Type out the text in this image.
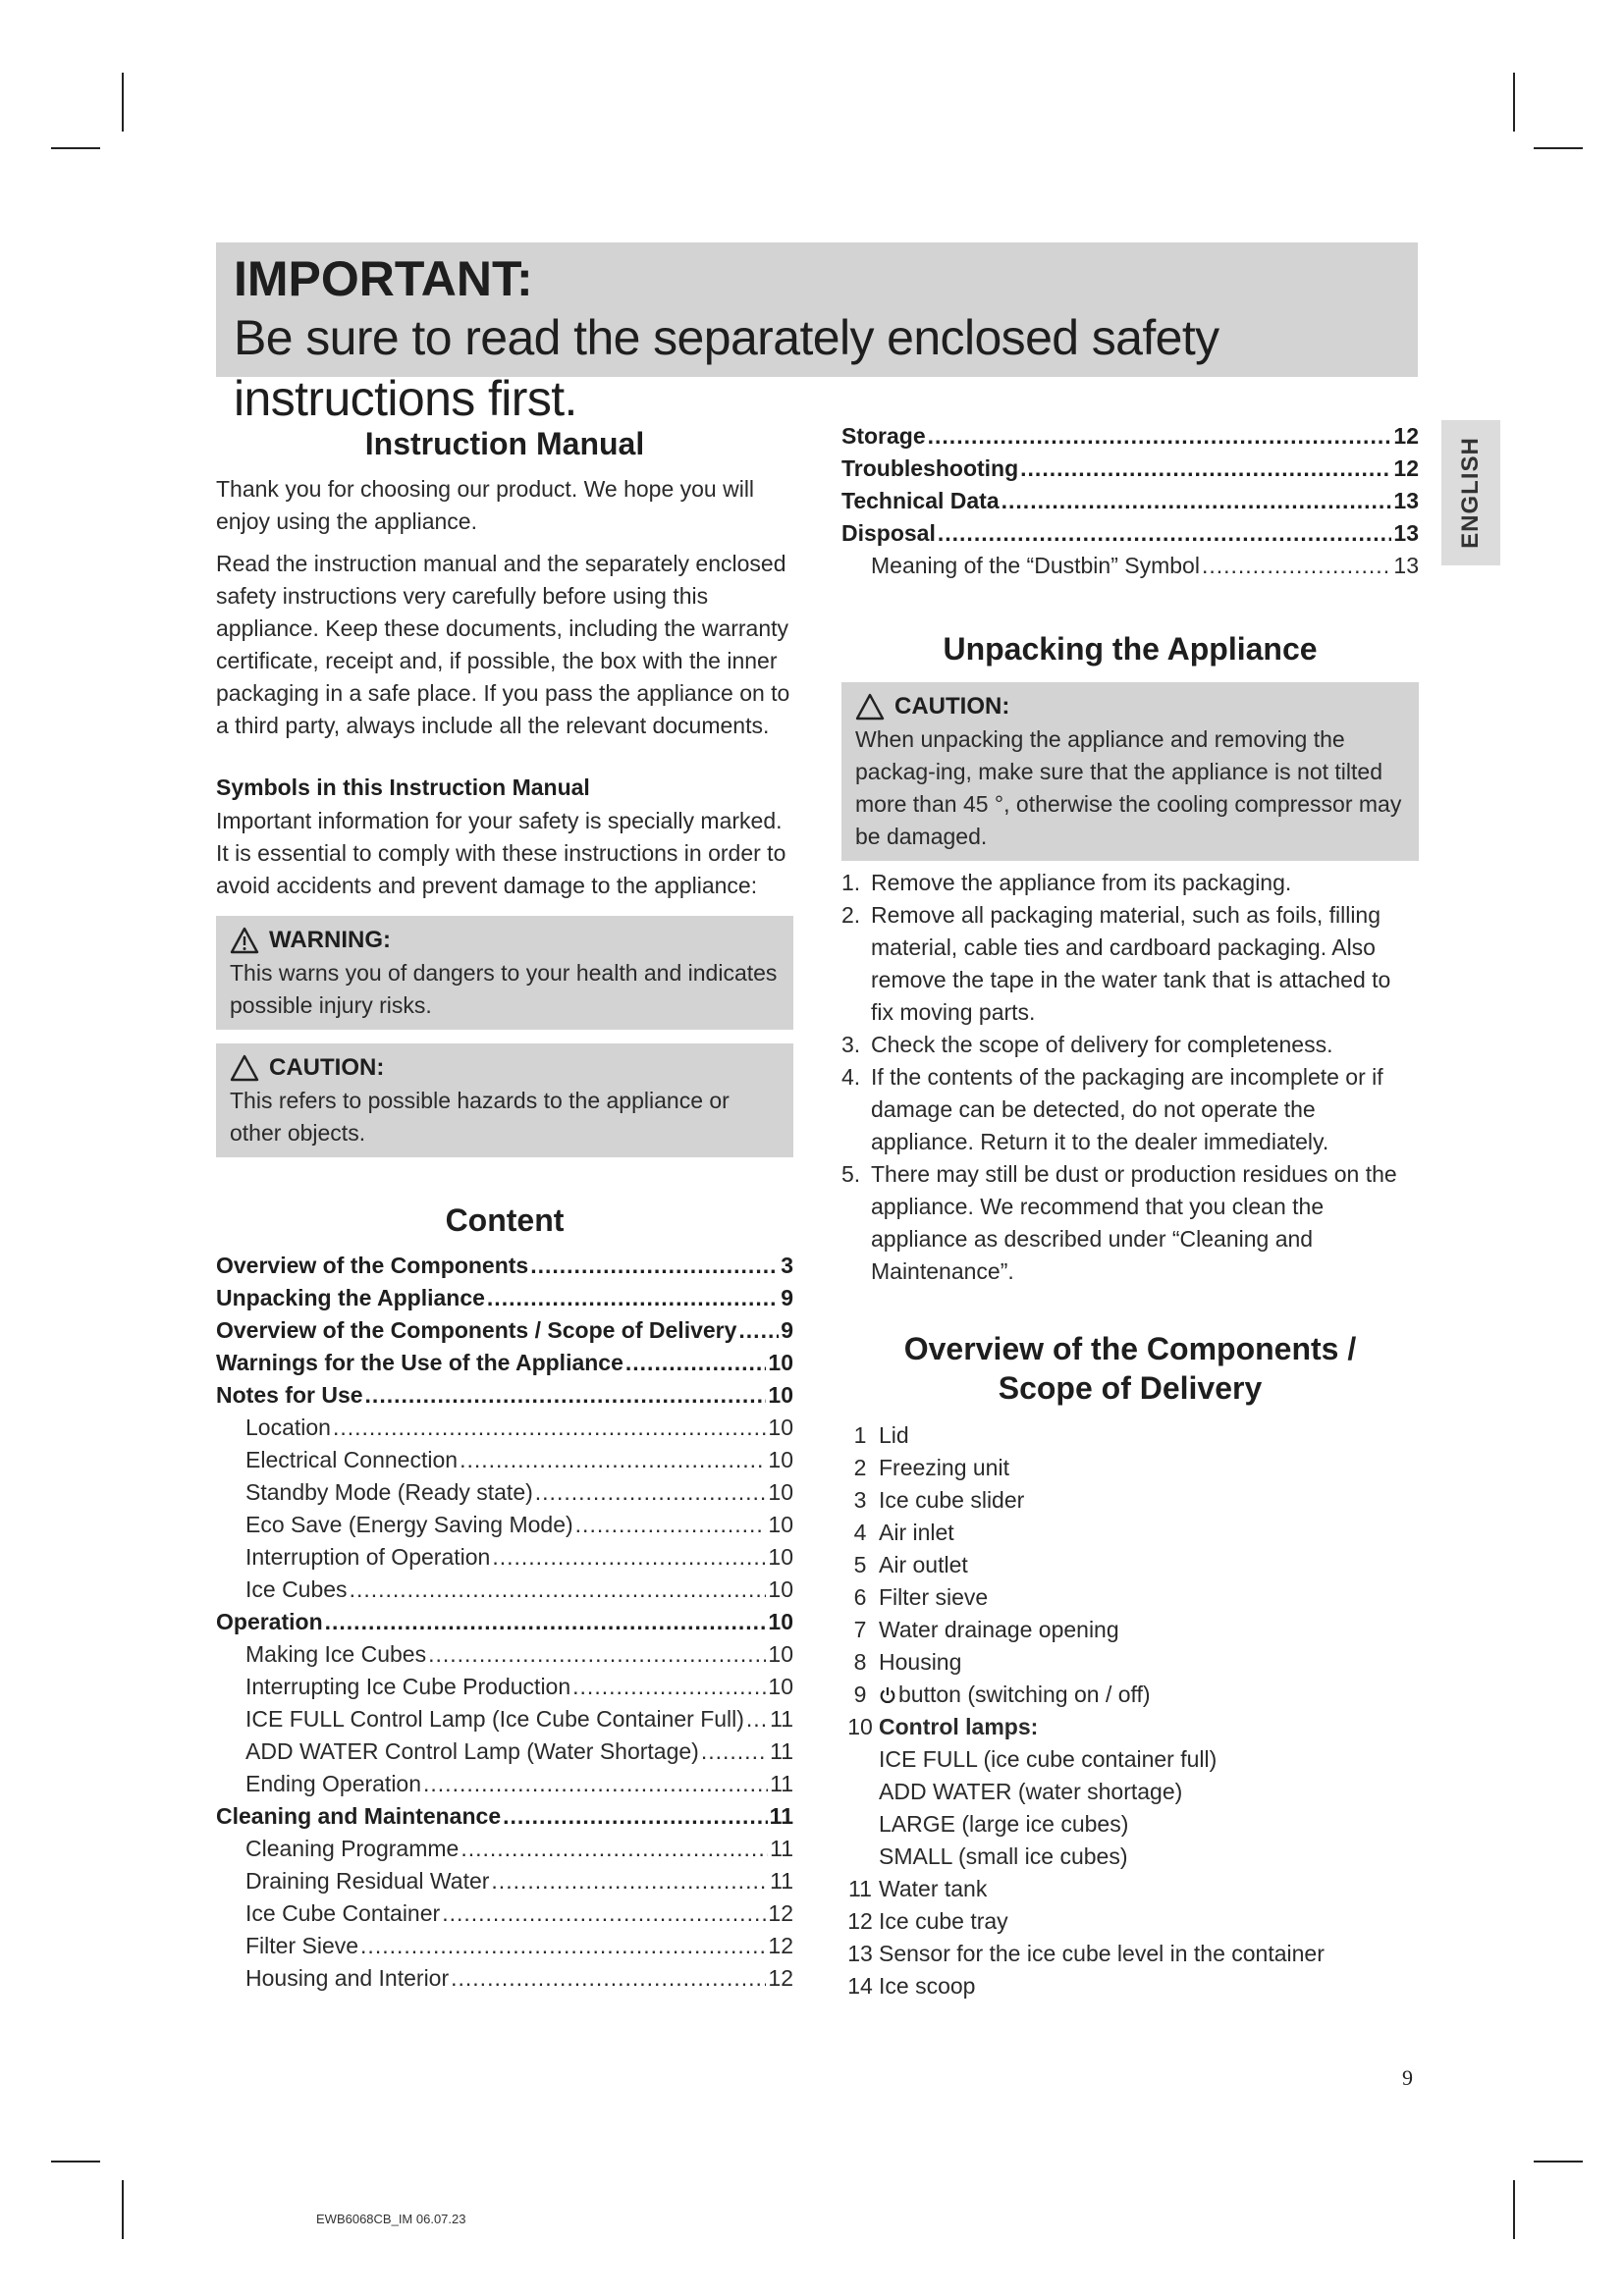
IMPORTANT:
Be sure to read the separately enclosed safety instructions first.
ENGLISH
Instruction Manual

Thank you for choosing our product. We hope you will enjoy using the appliance.

Read the instruction manual and the separately enclosed safety instructions very carefully before using this appliance. Keep these documents, including the warranty certificate, receipt and, if possible, the box with the inner packaging in a safe place. If you pass the appliance on to a third party, always include all the relevant documents.

Symbols in this Instruction Manual

Important information for your safety is specially marked. It is essential to comply with these instructions in order to avoid accidents and prevent damage to the appliance:

WARNING:
This warns you of dangers to your health and indicates possible injury risks.
CAUTION:
This refers to possible hazards to the appliance or other objects.
Content
Overview of the Components .....	3
Unpacking the Appliance .....	9
Overview of the Components / Scope of Delivery ..... 9
Warnings for the Use of the Appliance .....	10
Notes for Use .....	10
Location .....	10
Electrical Connection .....	10
Standby Mode (Ready state) .....	10
Eco Save (Energy Saving Mode) .....	10
Interruption of Operation .....	10
Ice Cubes .....	10
Operation .....	10
Making Ice Cubes .....	10
Interrupting Ice Cube Production .....	10
ICE FULL Control Lamp (Ice Cube Container Full) ..... 11
ADD WATER Control Lamp (Water Shortage) .....	11
Ending Operation .....	11
Cleaning and Maintenance .....	11
Cleaning Programme .....	11
Draining Residual Water .....	11
Ice Cube Container .....	12
Filter Sieve .....	12
Housing and Interior .....	12
Storage .....	12
Troubleshooting .....	12
Technical Data .....	13
Disposal .....	13
Meaning of the “Dustbin” Symbol .....	13
Unpacking the Appliance
CAUTION:
When unpacking the appliance and removing the packag-ing, make sure that the appliance is not tilted more than 45 °, otherwise the cooling compressor may be damaged.
1. Remove the appliance from its packaging.
2. Remove all packaging material, such as foils, filling material, cable ties and cardboard packaging. Also remove the tape in the water tank that is attached to fix moving parts.
3. Check the scope of delivery for completeness.
4. If the contents of the packaging are incomplete or if damage can be detected, do not operate the appliance. Return it to the dealer immediately.
5. There may still be dust or production residues on the appliance. We recommend that you clean the appliance as described under “Cleaning and Maintenance”.
Overview of the Components /
Scope of Delivery
1 Lid
2 Freezing unit
3 Ice cube slider
4 Air inlet
5 Air outlet
6 Filter sieve
7 Water drainage opening
8 Housing
9	button (switching on / off)
10 Control lamps:
ICE FULL (ice cube container full)
ADD WATER (water shortage)
LARGE (large ice cubes)
SMALL (small ice cubes)
11 Water tank
12 Ice cube tray
13 Sensor for the ice cube level in the container
14 Ice scoop
9
EWB6068CB_IM 06.07.23
